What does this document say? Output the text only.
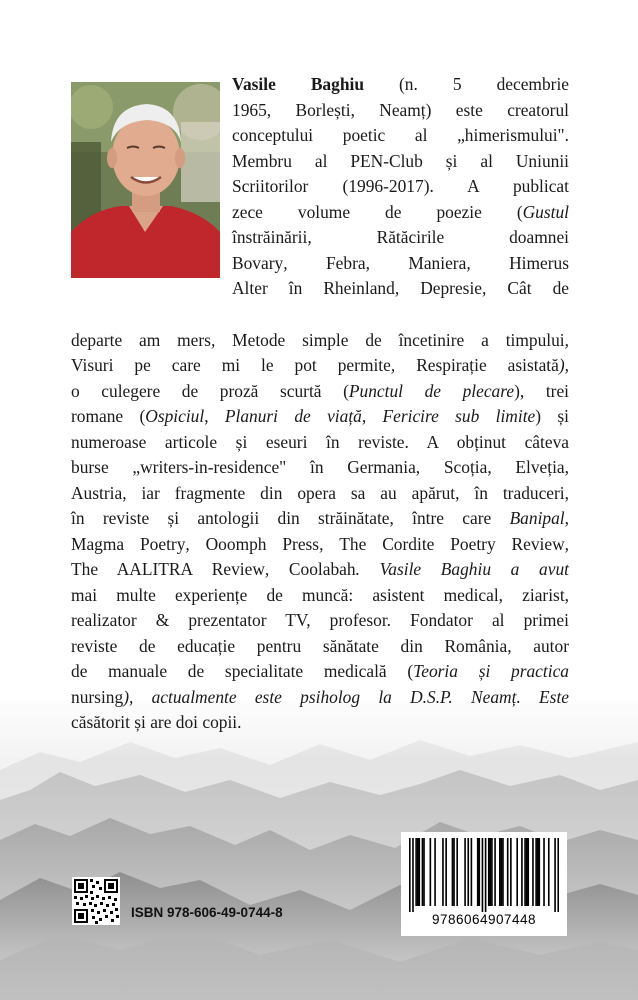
Vasile Baghiu (n. 5 decembrie
1965, Borlești, Neamț) este creatorul
conceptului poetic al „himerismului".
Membru al PEN-Club și al Uniunii
Scriitorilor (1996-2017). A publicat
zece volume de poezie (Gustul
înstrăinării, Rătăcirile doamnei
Bovary, Febra, Maniera, Himerus
Alter în Rheinland, Depresie, Cât de
departe am mers, Metode simple de încetinire a timpului,
Visuri pe care mi le pot permite, Respirație asistată),
o culegere de proză scurtă (Punctul de plecare), trei
romane (Ospiciul, Planuri de viață, Fericire sub limite) și
numeroase articole și eseuri în reviste. A obținut câteva
burse „writers-in-residence" în Germania, Scoția, Elveția,
Austria, iar fragmente din opera sa au apărut, în traduceri,
în reviste și antologii din străinătate, între care Banipal,
Magma Poetry, Ooomph Press, The Cordite Poetry Review,
The AALITRA Review, Coolabah. Vasile Baghiu a avut
mai multe experiențe de muncă: asistent medical, ziarist,
realizator & prezentator TV, profesor. Fondator al primei
reviste de educație pentru sănătate din România, autor
de manuale de specialitate medicală (Teoria și practica
nursing), actualmente este psiholog la D.S.P. Neamț. Este
căsătorit și are doi copii.
ISBN 978-606-49-0744-8	9786064907448
